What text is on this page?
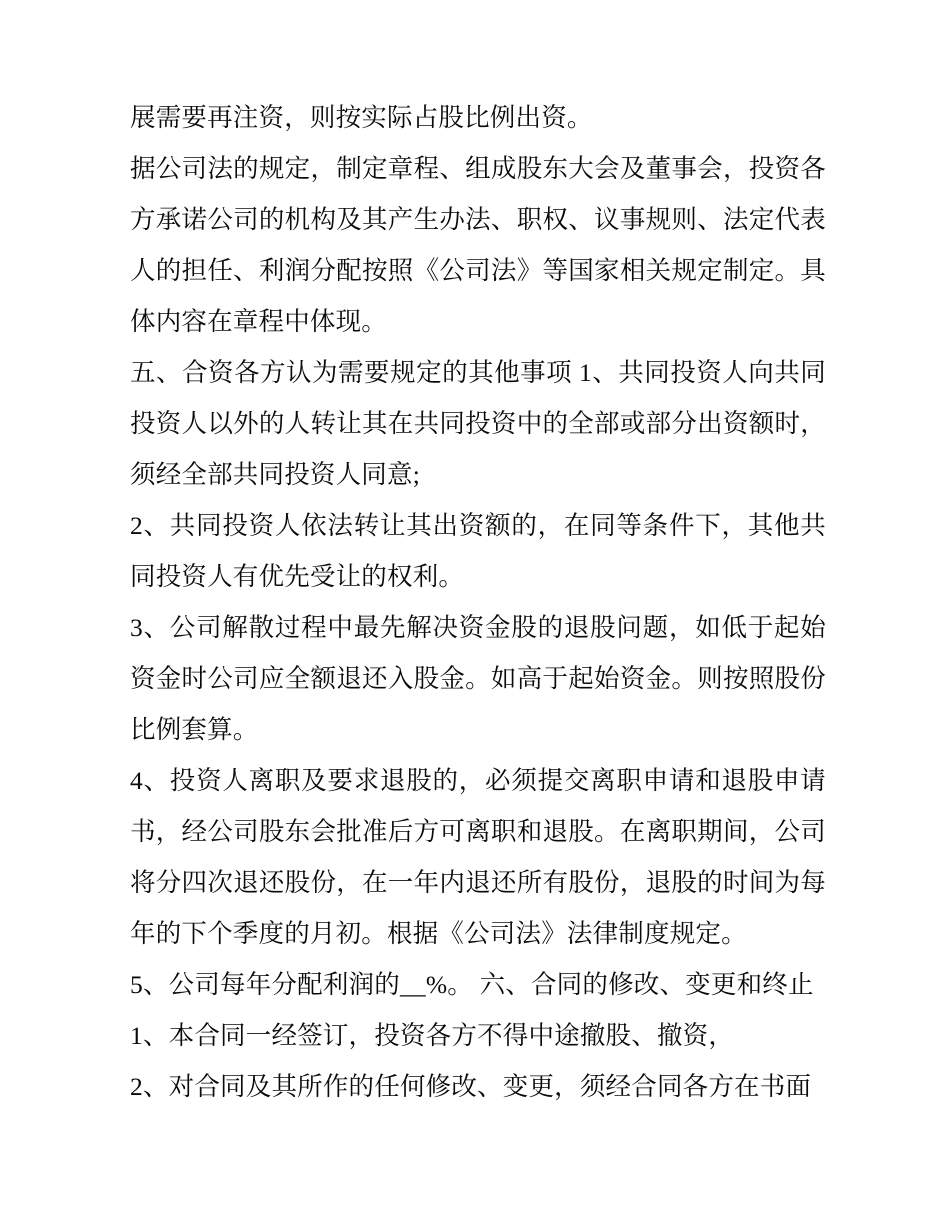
展需要再注资，则按实际占股比例出资。

据公司法的规定，制定章程、组成股东大会及董事会，投资各方承诺公司的机构及其产生办法、职权、议事规则、法定代表人的担任、利润分配按照《公司法》等国家相关规定制定。具体内容在章程中体现。

五、合资各方认为需要规定的其他事项 1、共同投资人向共同投资人以外的人转让其在共同投资中的全部或部分出资额时，须经全部共同投资人同意;

2、共同投资人依法转让其出资额的，在同等条件下，其他共同投资人有优先受让的权利。

3、公司解散过程中最先解决资金股的退股问题，如低于起始资金时公司应全额退还入股金。如高于起始资金。则按照股份比例套算。

4、投资人离职及要求退股的，必须提交离职申请和退股申请书，经公司股东会批准后方可离职和退股。在离职期间，公司将分四次退还股份，在一年内退还所有股份，退股的时间为每年的下个季度的月初。根据《公司法》法律制度规定。

5、公司每年分配利润的__%。 六、合同的修改、变更和终止

1、本合同一经签订，投资各方不得中途撤股、撤资，

2、对合同及其所作的任何修改、变更，须经合同各方在书面
